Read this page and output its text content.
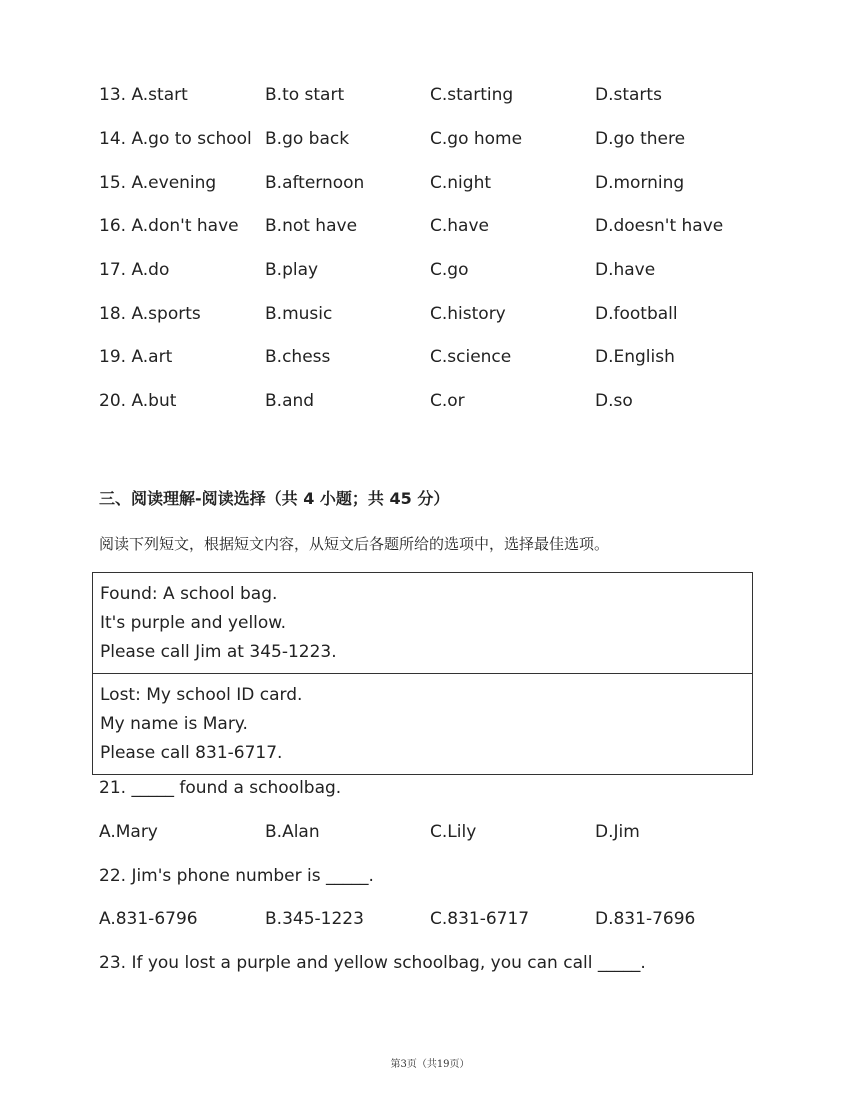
13. A.start	B.to start	C.starting	D.starts
14. A.go to school B.go back	C.go home	D.go there
15. A.evening	B.afternoon	C.night	D.morning
16. A.don't have B.not have	C.have	D.doesn't have
17. A.do	B.play	C.go	D.have
18. A.sports	B.music	C.history	D.football
19. A.art	B.chess	C.science	D.English
20. A.but	B.and	C.or	D.so
三、阅读理解-阅读选择（共 4 小题；共 45 分）
阅读下列短文，根据短文内容，从短文后各题所给的选项中，选择最佳选项。
Found: A school bag.
It's purple and yellow.
Please call Jim at 345-1223.
Lost: My school ID card.
My name is Mary.
Please call 831-6717.
21. _____ found a schoolbag.
A.Mary	B.Alan	C.Lily	D.Jim
22. Jim's phone number is _____.
A.831-6796	B.345-1223	C.831-6717	D.831-7696
23. If you lost a purple and yellow schoolbag, you can call _____.
第3页（共19页）
